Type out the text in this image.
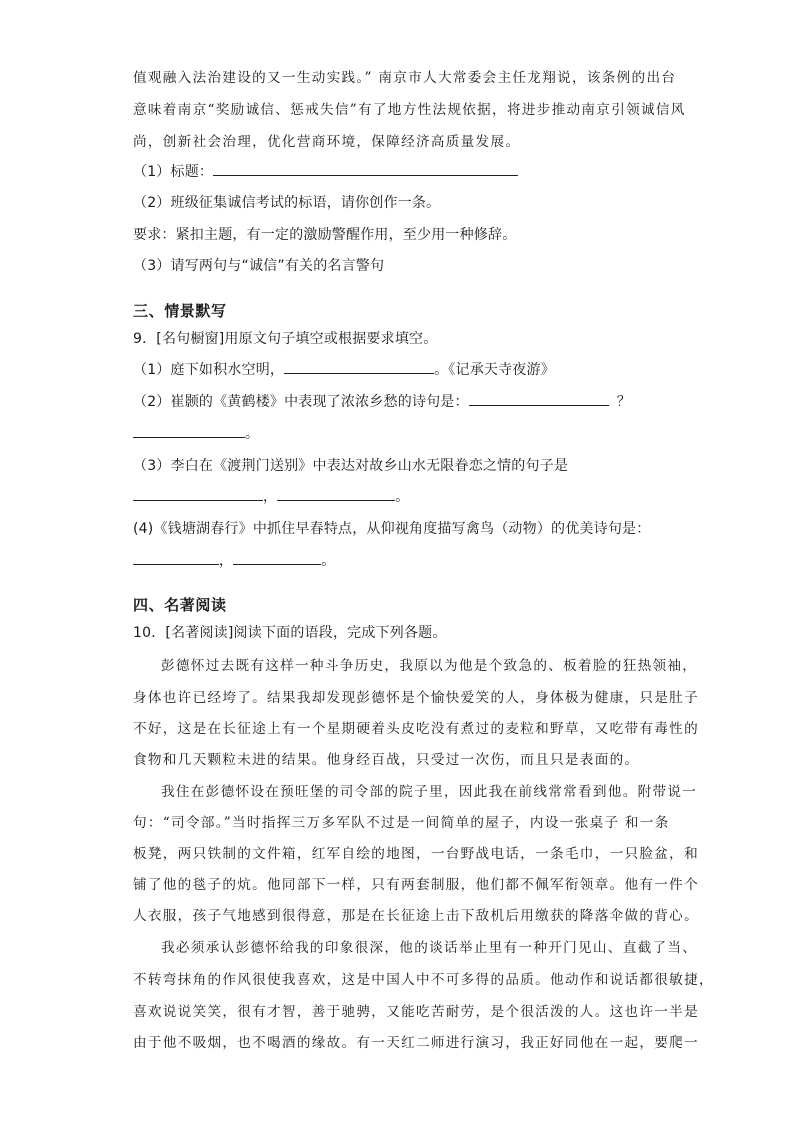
值观融入法治建设的又一生动实践。” 南京市人大常委会主任龙翔说，该条例的出台
意味着南京“奖励诚信、惩戒失信”有了地方性法规依据，将进步推动南京引领诚信风
尚，创新社会治理，优化营商环境，保障经济高质量发展。
（1）标题：
（2）班级征集诚信考试的标语，请你创作一条。
要求：紧扣主题，有一定的激励警醒作用，至少用一种修辞。
（3）请写两句与“诚信”有关的名言警句
三、情景默写
9．[名句橱窗]用原文句子填空或根据要求填空。
（1）庭下如积水空明，	。《记承天寺夜游》
（2）崔颢的《黄鹤楼》中表现了浓浓乡愁的诗句是：	？
。
（3）李白在《渡荆门送别》中表达对故乡山水无限眷恋之情的句子是
，	。
(4)《钱塘湖春行》中抓住早春特点，从仰视角度描写禽鸟（动物）的优美诗句是：
，	。
四、名著阅读
10．[名著阅读]阅读下面的语段，完成下列各题。
彭德怀过去既有这样一种斗争历史，我原以为他是个致急的、板着脸的狂热领袖，
身体也许已经垮了。结果我却发现彭德怀是个愉快爱笑的人，身体极为健康，只是肚子
不好，这是在长征途上有一个星期硬着头皮吃没有煮过的麦粒和野草，又吃带有毒性的
食物和几天颗粒未进的结果。他身经百战，只受过一次伤，而且只是表面的。
我住在彭德怀设在预旺堡的司令部的院子里，因此我在前线常常看到他。附带说一
句：“司令部。”当时指挥三万多军队不过是一间简单的屋子，内设一张桌子 和一条
板凳，两只铁制的文件箱，红军自绘的地图，一台野战电话，一条毛巾，一只脸盆，和
铺了他的毯子的炕。他同部下一样，只有两套制服，他们都不佩军衔领章。他有一件个
人衣服，孩子气地感到很得意，那是在长征途上击下敌机后用缴获的降落伞做的背心。
我必须承认彭德怀给我的印象很深，他的谈话举止里有一种开门见山、直截了当、
不转弯抹角的作风很使我喜欢，这是中国人中不可多得的品质。他动作和说话都很敏捷，
喜欢说说笑笑，很有才智，善于驰骋，又能吃苦耐劳，是个很活泼的人。这也许一半是
由于他不吸烟，也不喝酒的缘故。有一天红二师进行演习，我正好同他在一起，要爬一
